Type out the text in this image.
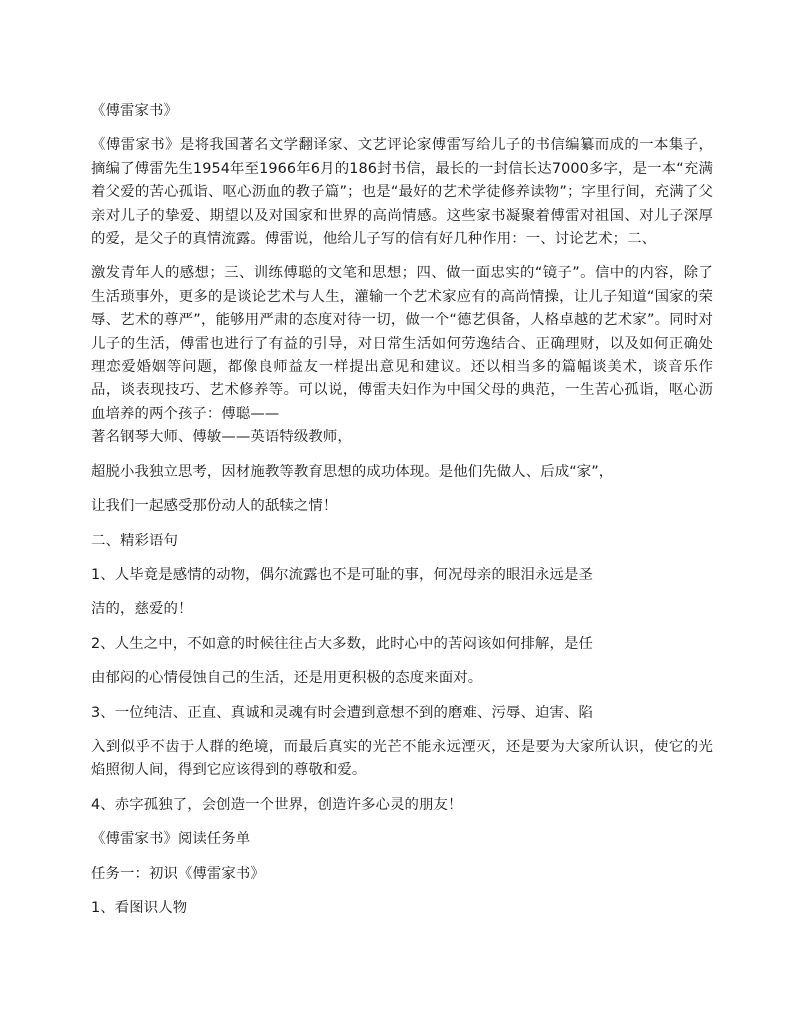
《傅雷家书》

《傅雷家书》是将我国著名文学翻译家、文艺评论家傅雷写给儿子的书信编纂而成的一本集子，摘编了傅雷先生1954年至1966年6月的186封书信，最长的一封信长达7000多字，是一本“充满着父爱的苦心孤诣、呕心沥血的教子篇”；也是“最好的艺术学徒修养读物”；字里行间，充满了父亲对儿子的挚爱、期望以及对国家和世界的高尚情感。这些家书凝聚着傅雷对祖国、对儿子深厚的爱，是父子的真情流露。傅雷说，他给儿子写的信有好几种作用：一、讨论艺术；二、

激发青年人的感想；三、训练傅聪的文笔和思想；四、做一面忠实的“镜子”。信中的内容，除了生活琐事外，更多的是谈论艺术与人生，灌输一个艺术家应有的高尚情操，让儿子知道“国家的荣辱、艺术的尊严”，能够用严肃的态度对待一切，做一个“德艺俱备，人格卓越的艺术家”。同时对儿子的生活，傅雷也进行了有益的引导，对日常生活如何劳逸结合、正确理财，以及如何正确处理恋爱婚姻等问题，都像良师益友一样提出意见和建议。还以相当多的篇幅谈美术，谈音乐作品，谈表现技巧、艺术修养等。可以说，傅雷夫妇作为中国父母的典范，一生苦心孤诣，呕心沥血培养的两个孩子：傅聪——

著名钢琴大师、傅敏——英语特级教师，

超脱小我独立思考，因材施教等教育思想的成功体现。是他们先做人、后成“家”，

让我们一起感受那份动人的舐犊之情！

二、精彩语句

1、人毕竟是感情的动物，偶尔流露也不是可耻的事，何况母亲的眼泪永远是圣

洁的，慈爱的！

2、人生之中，不如意的时候往往占大多数，此时心中的苦闷该如何排解，是任

由郁闷的心情侵蚀自己的生活，还是用更积极的态度来面对。

3、一位纯洁、正直、真诚和灵魂有时会遭到意想不到的磨难、污辱、迫害、陷

入到似乎不齿于人群的绝境，而最后真实的光芒不能永远湮灭，还是要为大家所认识，使它的光焰照彻人间，得到它应该得到的尊敬和爱。

4、赤字孤独了，会创造一个世界，创造许多心灵的朋友！

《傅雷家书》阅读任务单

任务一：初识《傅雷家书》

1、看图识人物
